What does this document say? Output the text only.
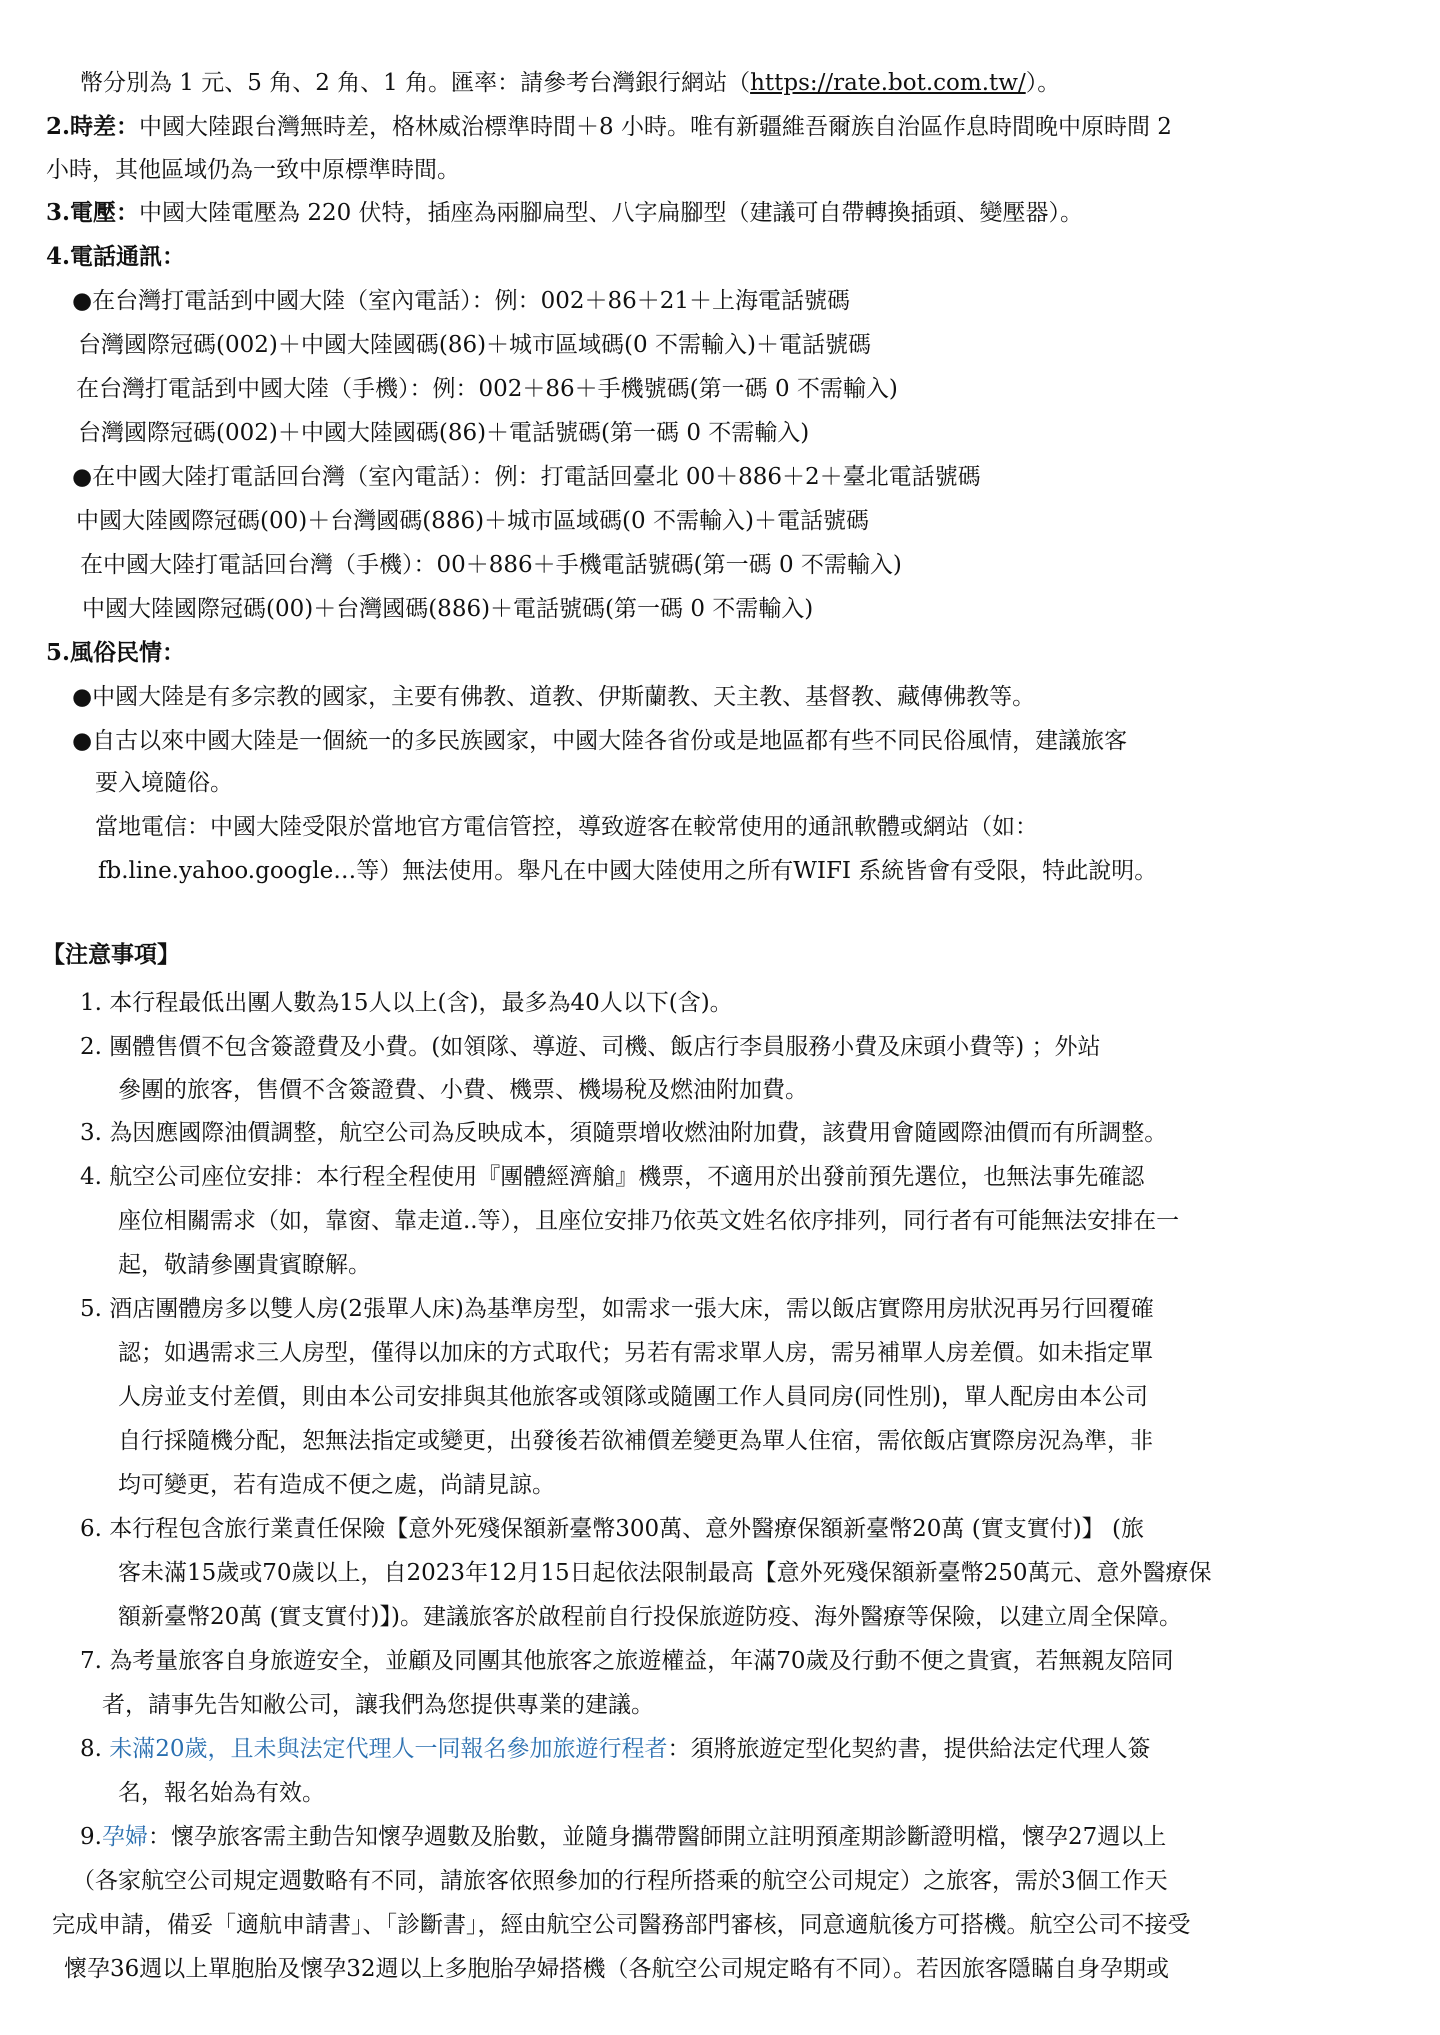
幣分別為 1 元、5 角、2 角、1 角。匯率：請參考台灣銀行網站（https://rate.bot.com.tw/）。
2.時差：中國大陸跟台灣無時差，格林威治標準時間＋8 小時。唯有新疆維吾爾族自治區作息時間晚中原時間 2
小時，其他區域仍為一致中原標準時間。
3.電壓：中國大陸電壓為 220 伏特，插座為兩腳扁型、八字扁腳型（建議可自帶轉換插頭、變壓器）。
4.電話通訊：
●在台灣打電話到中國大陸（室內電話）：例：002＋86＋21＋上海電話號碼
台灣國際冠碼(002)＋中國大陸國碼(86)＋城市區域碼(0 不需輸入)＋電話號碼
在台灣打電話到中國大陸（手機）：例：002＋86＋手機號碼(第一碼 0 不需輸入)
台灣國際冠碼(002)＋中國大陸國碼(86)＋電話號碼(第一碼 0 不需輸入)
●在中國大陸打電話回台灣（室內電話）：例：打電話回臺北 00＋886＋2＋臺北電話號碼
中國大陸國際冠碼(00)＋台灣國碼(886)＋城市區域碼(0 不需輸入)＋電話號碼
在中國大陸打電話回台灣（手機）：00＋886＋手機電話號碼(第一碼 0 不需輸入)
中國大陸國際冠碼(00)＋台灣國碼(886)＋電話號碼(第一碼 0 不需輸入)
5.風俗民情：
●中國大陸是有多宗教的國家，主要有佛教、道教、伊斯蘭教、天主教、基督教、藏傳佛教等。
●自古以來中國大陸是一個統一的多民族國家，中國大陸各省份或是地區都有些不同民俗風情，建議旅客
要入境隨俗。
當地電信：中國大陸受限於當地官方電信管控，導致遊客在較常使用的通訊軟體或網站（如：
fb.line.yahoo.google…等）無法使用。舉凡在中國大陸使用之所有WIFI 系統皆會有受限，特此說明。
【注意事項】
1. 本行程最低出團人數為15人以上(含)，最多為40人以下(含)。
2. 團體售價不包含簽證費及小費。(如領隊、導遊、司機、飯店行李員服務小費及床頭小費等) ；外站
參團的旅客，售價不含簽證費、小費、機票、機場稅及燃油附加費。
3. 為因應國際油價調整，航空公司為反映成本，須隨票增收燃油附加費，該費用會隨國際油價而有所調整。
4. 航空公司座位安排：本行程全程使用『團體經濟艙』機票，不適用於出發前預先選位，也無法事先確認
座位相關需求（如，靠窗、靠走道..等），且座位安排乃依英文姓名依序排列，同行者有可能無法安排在一
起，敬請參團貴賓瞭解。
5. 酒店團體房多以雙人房(2張單人床)為基準房型，如需求一張大床，需以飯店實際用房狀況再另行回覆確
認；如遇需求三人房型，僅得以加床的方式取代；另若有需求單人房，需另補單人房差價。如未指定單
人房並支付差價，則由本公司安排與其他旅客或領隊或隨團工作人員同房(同性別)，單人配房由本公司
自行採隨機分配，恕無法指定或變更，出發後若欲補價差變更為單人住宿，需依飯店實際房況為準，非
均可變更，若有造成不便之處，尚請見諒。
6. 本行程包含旅行業責任保險【意外死殘保額新臺幣300萬、意外醫療保額新臺幣20萬 (實支實付)】 (旅
客未滿15歲或70歲以上，自2023年12月15日起依法限制最高【意外死殘保額新臺幣250萬元、意外醫療保
額新臺幣20萬 (實支實付)】)。建議旅客於啟程前自行投保旅遊防疫、海外醫療等保險，以建立周全保障。
7. 為考量旅客自身旅遊安全，並顧及同團其他旅客之旅遊權益，年滿70歲及行動不便之貴賓，若無親友陪同
者，請事先告知敝公司，讓我們為您提供專業的建議。
8. 未滿20歲，且未與法定代理人一同報名參加旅遊行程者：須將旅遊定型化契約書，提供給法定代理人簽
名，報名始為有效。
9.孕婦：懷孕旅客需主動告知懷孕週數及胎數，並隨身攜帶醫師開立註明預產期診斷證明檔，懷孕27週以上
（各家航空公司規定週數略有不同，請旅客依照參加的行程所搭乘的航空公司規定）之旅客，需於3個工作天
完成申請，備妥「適航申請書」、「診斷書」，經由航空公司醫務部門審核，同意適航後方可搭機。航空公司不接受
懷孕36週以上單胞胎及懷孕32週以上多胞胎孕婦搭機（各航空公司規定略有不同）。若因旅客隱瞞自身孕期或
